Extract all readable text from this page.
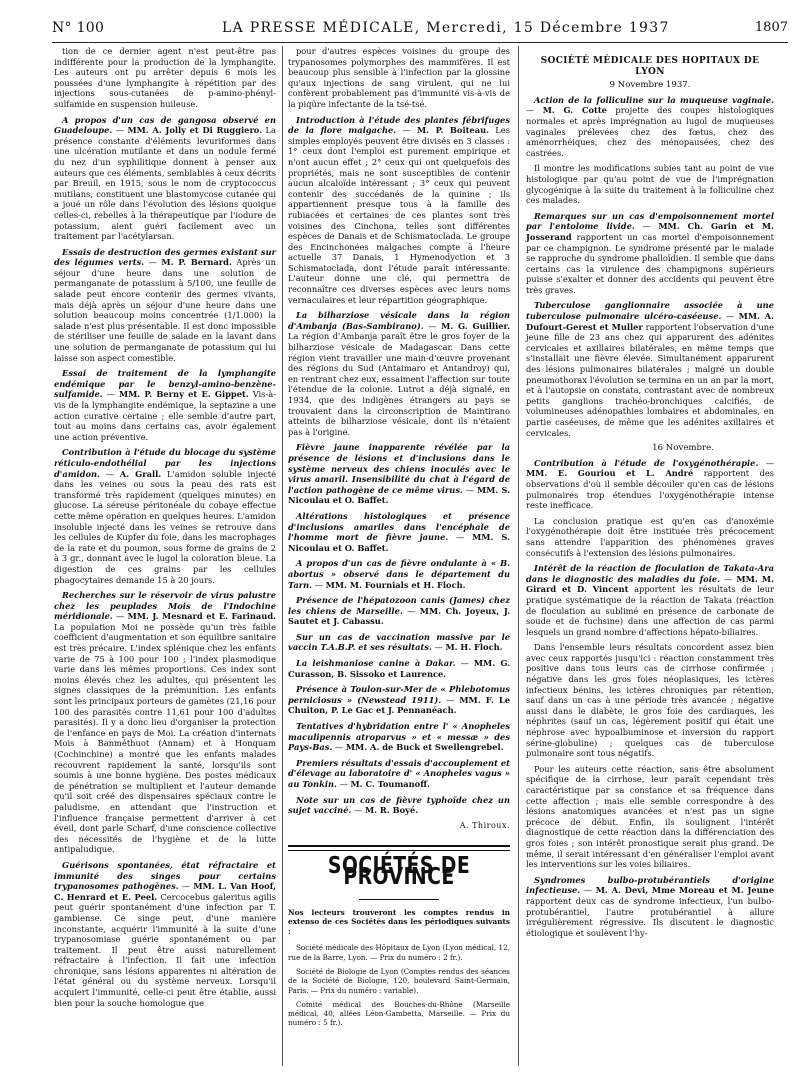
N° 100	LA PRESSE MÉDICALE, Mercredi, 15 Décembre 1937	1807

tion de ce dernier agent n'est peut-être pas indifférente pour la production de la lymphangite. Les auteurs ont pu arrêter depuis 6 mois les poussées d'une lymphangite à répétition par des injections sous-cutanées de p-amino-phényl-sulfamide en suspension huileuse.

A propos d'un cas de gangosa observé en Guadeloupe. — MM. A. Jolly et Di Ruggiero. La présence constante d'éléments levuriformes dans une ulcération mutilante et dans un nodule fermé du nez d'un syphilitique donnent à penser aux auteurs que ces éléments, semblables à ceux décrits par Breuil, en 1915, sous le nom de cryptococcus mutilans, constituent une blastomycose cutanée qui a joué un rôle dans l'évolution des lésions quoique celles-ci, rebelles à la thérapeutique par l'iodure de potassium, aient guéri facilement avec un traitement par l'acétylarsan.

Essais de destruction des germes existant sur des légumes verts. — M. P. Bernard. Après un séjour d'une heure dans une solution de permanganate de potassium à 5/100, une feuille de salade peut encore contenir des germes vivants, mais déjà après un séjour d'une heure dans une solution beaucoup moins concentrée (1/1.000) la salade n'est plus présentable. Il est donc impossible de stériliser une feuille de salade en la lavant dans une solution de permanganate de potassium qui lui laisse son aspect comestible.

Essai de traitement de la lymphangite endémique par le benzyl-amino-benzène-sulfamide. — MM. P. Berny et E. Gippet. Vis-à-vis de la lymphangite endémique, la septazine a une action curative certaine ; elle semble d'autre part, tout au moins dans certains cas, avoir également une action préventive.

Contribution à l'étude du blocage du système réticulo-endothélial par les injections d'amidon. — A. Grall. L'amidon soluble injecté dans les veines ou sous la peau des rats est transformé très rapidement (quelques minutes) en glucose. La séreuse péritonéale du cobaye effectue cette même opération en quelques heures. L'amidon insoluble injecté dans les veines se retrouve dans les cellules de Kupfer du foie, dans les macrophages de la rate et du poumon, sous forme de grains de 2 à 3 gr., donnant avec le lugol la coloration bleue. La digestion de ces grains par les cellules phagocytaires demande 15 à 20 jours.

Recherches sur le réservoir de virus palustre chez les peuplades Mois de l'Indochine méridionale. — MM. J. Mesnard et E. Farinaud. La population Moi ne possède qu'un très faible coefficient d'augmentation et son équilibre sanitaire est très précaire. L'index splénique chez les enfants varie de 75 à 100 pour 100 ; l'index plasmodique varie dans les mêmes proportions. Ces index sont moins élevés chez les adultes, qui présentent les signes classiques de la prémunition. Les enfants sont les principaux porteurs de gamètes (21,16 pour 100 des parasités contre 11,61 pour 100 d'adultes parasités). Il y a donc lieu d'organiser la protection de l'enfance en pays de Moi. La création d'internats Mois à Banméthuot (Annam) et à Honquam (Cochinchine) a montré que les enfants malades recouvrent rapidement la santé, lorsqu'ils sont soumis à une bonne hygiène. Des postes médicaux de pénétration se multiplient et l'auteur demande qu'il soit créé des dispensaires spéciaux contre le paludisme, en attendant que l'instruction et l'influence française permettent d'arriver à cet éveil, dont parle Scharf, d'une conscience collective des nécessités de l'hygiène et de la lutte antipaludique.

Guérisons spontanées, état réfractaire et immunité des singes pour certains trypanosomes pathogènes. — MM. L. Van Hoof, C. Henrard et E. Peel. Cercocebus galeritus agilis peut guérir spontanément d'une infection par T. gambiense. Ce singe peut, d'une manière inconstante, acquérir l'immunité à la suite d'une trypanosomiase guérie spontanément ou par traitement. Il peut être aussi naturellement réfractaire à l'infection. Il fait une infection chronique, sans lésions apparentes ni altération de l'état général ou du système nerveux. Lorsqu'il acquiert l'immunité, celle-ci peut être établie, aussi bien pour la souche homologue que

pour d'autres espèces voisines du groupe des trypanosomes polymorphes des mammifères. Il est beaucoup plus sensible à l'infection par la glossine qu'aux injections de sang virulent, qui ne lui confèrent probablement pas d'immunité vis-à-vis de la piqûre infectante de la tsé-tsé.

Introduction à l'étude des plantes fébrifuges de la flore malgache. — M. P. Boiteau. Les simples employés peuvent être divisés en 3 classes : 1° ceux dont l'emploi est purement empirique et n'ont aucun effet ; 2° ceux qui ont quelquefois des propriétés, mais ne sont susceptibles de contenir aucun alcaloïde intéressant ; 3° ceux qui peuvent contenir des succédanés de la quinine ; ils appartiennent presque tous à la famille des rubiacées et certaines de ces plantes sont très voisines des Cinchona, telles sont différentes espèces de Danais et de Schismatoclada. Le groupe des Encinchonées malgaches compte à l'heure actuelle 37 Danais, 1 Hymenodyction et 3 Schismatoclada, dont l'étude paraît intéressante. L'auteur donne une clé, qui permettra de reconnaître ces diverses espèces avec leurs noms vernaculaires et leur répartition géographique.

La bilharziose vésicale dans la région d'Ambanja (Bas-Sambirano). — M. G. Guillier. La région d'Ambanja paraît être le gros foyer de la bilharziose vésicale de Madagascar. Dans cette région vient travailler une main-d'œuvre provenant des régions du Sud (Antaimaro et Antandroy) qui, en rentrant chez eux, essaiment l'affection sur toute l'étendue de la colonie. Lutrot a déjà signalé, en 1934, que des indigènes étrangers au pays se trouvaient dans la circonscription de Maintirano atteints de bilharziose vésicale, dont ils n'étaient pas à l'origine.

Fièvre jaune inapparente révélée par la présence de lésions et d'inclusions dans le système nerveux des chiens inoculés avec le virus amaril. Insensibilité du chat à l'égard de l'action pathogène de ce même virus. — MM. S. Nicoulau et O. Baffet.

Altérations histologiques et présence d'inclusions amariles dans l'encéphale de l'homme mort de fièvre jaune. — MM. S. Nicoulau et O. Baffet.

A propos d'un cas de fièvre ondulante à « B. abortus » observé dans le département du Tarn. — MM. M. Fournials et H. Floch.

Présence de l'hépatozoon canis (James) chez les chiens de Marseille. — MM. Ch. Joyeux, J. Sautet et J. Cabassu.

Sur un cas de vaccination massive par le vaccin T.A.B.P. et ses résultats. — M. H. Floch.

La leishmaniose canine à Dakar. — MM. G. Curasson, B. Sissoko et Laurence.

Présence à Toulon-sur-Mer de « Phlebotomus perniciosus » (Newstead 1911). — MM. F. Le Chuiton, P. Le Gac et J. Pennanéach.

Tentatives d'hybridation entre l' « Anopheles maculipennis atroparvus » et « messæ » des Pays-Bas. — MM. A. de Buck et Swellengrebel.

Premiers résultats d'essais d'accouplement et d'élevage au laboratoire d' « Anopheles vagus » au Tonkin. — M. C. Toumanoff.

Note sur un cas de fièvre typhoïde chez un sujet vacciné. — M. R. Boyé.

A. Thiroux.
SOCIÉTÉS DE PROVINCE

Nos lecteurs trouveront les comptes rendus in extenso de ces Sociétés dans les périodiques suivants :

Société médicale des Hôpitaux de Lyon (Lyon médical, 12, rue de la Barre, Lyon. — Prix du numéro : 2 fr.).

Société de Biologie de Lyon (Comptes rendus des séances de la Société de Biologie, 120, boulevard Saint-Germain, Paris. — Prix du numéro : variable).

Comité médical des Bouches-du-Rhône (Marseille médical, 40, allées Léon-Gambetta, Marseille. — Prix du numéro : 5 fr.).

SOCIÉTÉ MÉDICALE DES HOPITAUX DE LYON
9 Novembre 1937.

Action de la folliculine sur la muqueuse vaginale. — M. G. Cotte projette des coupes histologiques normales et après imprégnation au lugol de muqueuses vaginales prélevées chez des fœtus, chez des aménorrhéiques, chez des ménopausées, chez des castrées.

Il montre les modifications subies tant au point de vue histologique par qu'au point de vue de l'imprégnation glycogénique à la suite du traitement à la folliculine chez ces malades.

Remarques sur un cas d'empoisonnement mortel par l'entolome livide. — MM. Ch. Garin et M. Josserand rapportent un cas mortel d'empoisonnement par ce champignon. Le syndrome présenté par le malade se rapproche du syndrome phalloïdien. Il semble que dans certains cas la virulence des champignons supérieurs puisse s'exalter et donner des accidents qui peuvent être très graves.

Tuberculose ganglionnaire associée à une tuberculose pulmonaire ulcéro-caséeuse. — MM. A. Dufourt-Gerest et Muller rapportent l'observation d'une jeune fille de 23 ans chez qui apparurent des adénites cervicales et axillaires bilatérales, en même temps que s'installait une fièvre élevée. Simultanément apparurent des lésions pulmonaires bilatérales ; malgré un double pneumothorax l'évolution se termina en un an par la mort, et à l'autopsie on constata, contrastant avec de nombreux petits ganglions trachéo-bronchiques calcifiés, de volumineuses adénopathies lombaires et abdominales, en partie caséeuses, de même que les adénites axillaires et cervicales.

16 Novembre.

Contribution à l'étude de l'oxygénothérapie. — MM. E. Gouriou et L. André rapportent des observations d'où il semble découler qu'en cas de lésions pulmonaires trop étendues l'oxygénothérapie intense reste inefficace.

La conclusion pratique est qu'en cas d'anoxémie l'oxygénothérapie doit être instituée très précocement sans attendre l'apparition des phénomènes graves consécutifs à l'extension des lésions pulmonaires.

Intérêt de la réaction de floculation de Takata-Ara dans le diagnostic des maladies du foie. — MM. M. Girard et D. Vincent apportent les résultats de leur pratique systématique de la réaction de Takata (réaction de floculation au sublimé en présence de carbonate de soude et de fuchsine) dans une affection de cas parmi lesquels un grand nombre d'affections hépato-biliaires.

Dans l'ensemble leurs résultats concordent assez bien avec ceux rapportés jusqu'ici : réaction constamment très positive dans tous leurs cas de cirrhose confirmée ; négative dans les gros foies néoplasiques, les ictères infectieux bénins, les ictères chroniques par rétention, sauf dans un cas à une période très avancée ; négative aussi dans le diabète, le gros foie des cardiaques, les néphrites (sauf un cas, légèrement positif qui était une néphrose avec hypoalbuminose et inversion du rapport sérine-globuline) ; quelques cas de tuberculose pulmonaire sont tous négatifs.

Pour les auteurs cette réaction, sans être absolument spécifique de la cirrhose, leur paraît cependant très caractéristique par sa constance et sa fréquence dans cette affection ; mais elle semble correspondre à des lésions anatomiques avancées et n'est pas un signe précoce de début. Enfin, ils soulignent l'intérêt diagnostique de cette réaction dans la différenciation des gros foies ; son intérêt pronostique serait plus grand. De même, il serait intéressant d'en généraliser l'emploi avant les interventions sur les voies biliaires.

Syndromes bulbo-protubérantiels d'origine infectieuse. — M. A. Devi, Mme Moreau et M. Jeune rapportent deux cas de syndrome infectieux, l'un bulbo-protubérantiel, l'autre protubérantiel à allure irrégulièrement régressive. Ils discutent le diagnostic étiologique et soulèvent l'hy-
